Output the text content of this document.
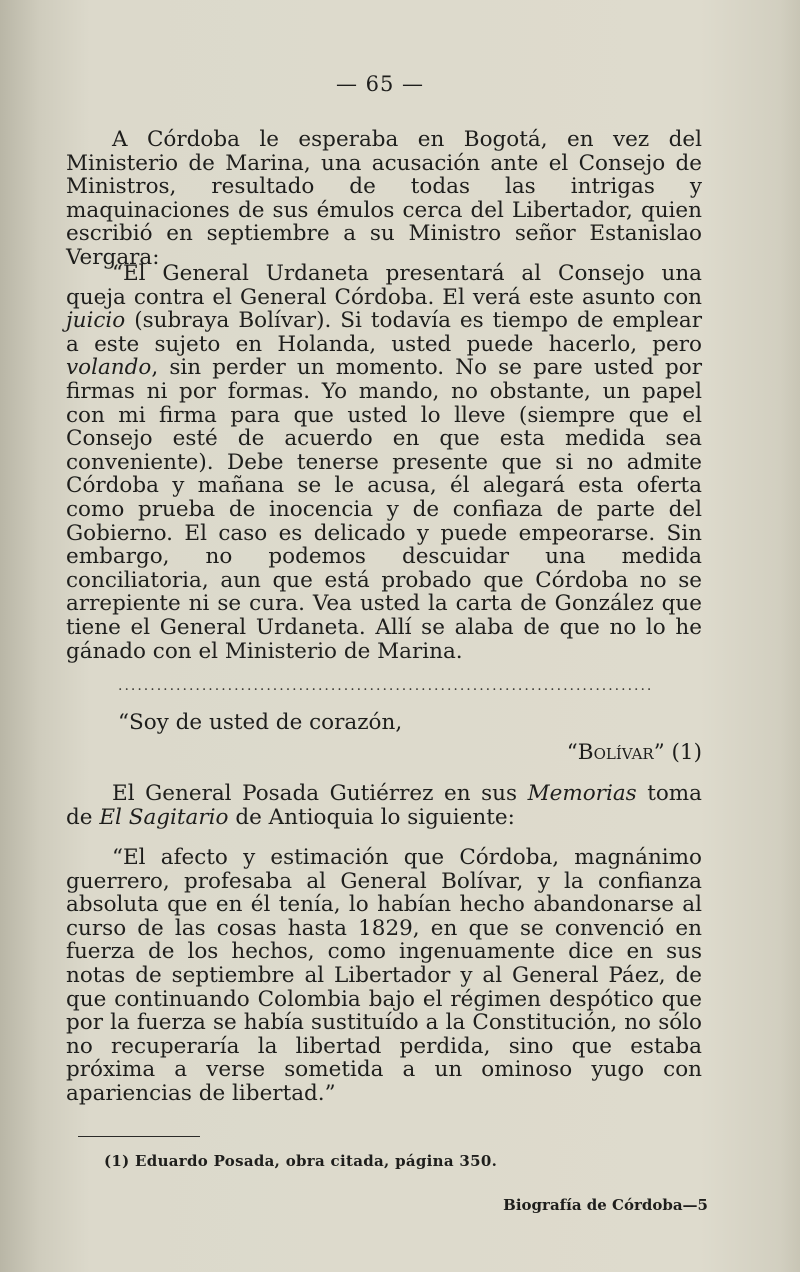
— 65 —

A Córdoba le esperaba en Bogotá, en vez del Ministerio de Marina, una acusación ante el Consejo de Ministros, resultado de todas las intrigas y maquinaciones de sus émulos cerca del Libertador, quien escribió en septiembre a su Ministro señor Estanislao Vergara:

“El General Urdaneta presentará al Consejo una queja contra el General Córdoba. El verá este asunto con juicio (subraya Bolívar). Si todavía es tiempo de emplear a este sujeto en Holanda, usted puede hacerlo, pero volando, sin perder un momento. No se pare usted por firmas ni por formas. Yo mando, no obstante, un papel con mi firma para que usted lo lleve (siempre que el Consejo esté de acuerdo en que esta medida sea conveniente). Debe tenerse presente que si no admite Córdoba y mañana se le acusa, él alegará esta oferta como prueba de inocencia y de confiaza de parte del Gobierno. El caso es delicado y puede empeorarse. Sin embargo, no podemos descuidar una medida conciliatoria, aun que está probado que Córdoba no se arrepiente ni se cura. Vea usted la carta de González que tiene el General Urdaneta. Allí se alaba de que no lo he gánado con el Ministerio de Marina.

...................................................................................
“Soy de usted de corazón,
“Bolívar” (1)

El General Posada Gutiérrez en sus Memorias toma de El Sagitario de Antioquia lo siguiente:

“El afecto y estimación que Córdoba, magnánimo guerrero, profesaba al General Bolívar, y la confianza absoluta que en él tenía, lo habían hecho abandonarse al curso de las cosas hasta 1829, en que se convenció en fuerza de los hechos, como ingenuamente dice en sus notas de septiembre al Libertador y al General Páez, de que continuando Colombia bajo el régimen despótico que por la fuerza se había sustituído a la Constitución, no sólo no recuperaría la libertad perdida, sino que estaba próxima a verse sometida a un ominoso yugo con apariencias de libertad.”

(1) Eduardo Posada, obra citada, página 350.
Biografía de Córdoba—5
